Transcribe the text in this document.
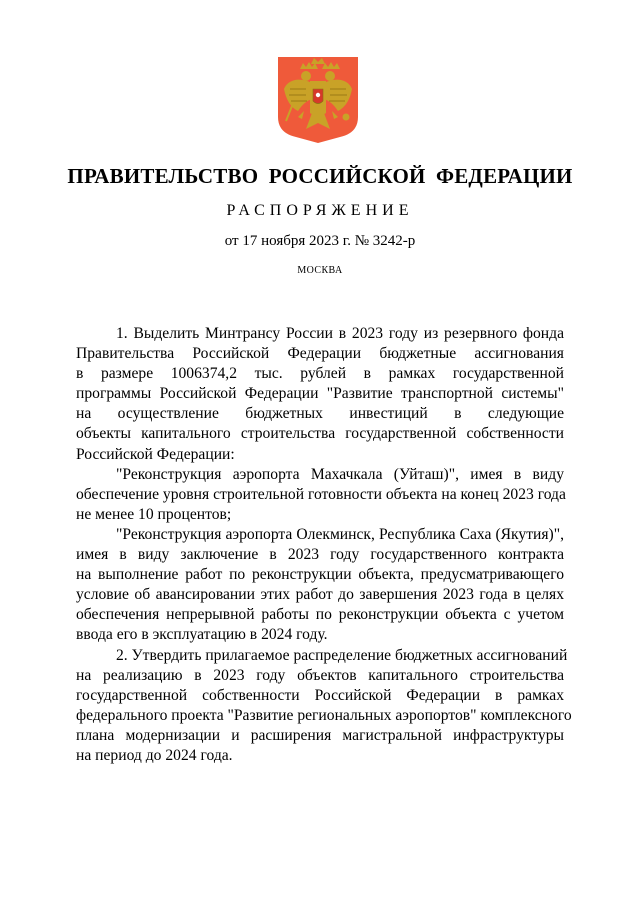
ПРАВИТЕЛЬСТВО РОССИЙСКОЙ ФЕДЕРАЦИИ
РАСПОРЯЖЕНИЕ
от 17 ноября 2023 г. № 3242-р
МОСКВА
1. Выделить Минтрансу России в 2023 году из резервного фонда
Правительства Российской Федерации бюджетные ассигнования
в размере 1006374,2 тыс. рублей в рамках государственной
программы Российской Федерации "Развитие транспортной системы"
на осуществление бюджетных инвестиций в следующие
объекты капитального строительства государственной собственности
Российской Федерации:
"Реконструкция аэропорта Махачкала (Уйташ)", имея в виду
обеспечение уровня строительной готовности объекта на конец 2023 года
не менее 10 процентов;
"Реконструкция аэропорта Олекминск, Республика Саха (Якутия)",
имея в виду заключение в 2023 году государственного контракта
на выполнение работ по реконструкции объекта, предусматривающего
условие об авансировании этих работ до завершения 2023 года в целях
обеспечения непрерывной работы по реконструкции объекта с учетом
ввода его в эксплуатацию в 2024 году.
2. Утвердить прилагаемое распределение бюджетных ассигнований
на реализацию в 2023 году объектов капитального строительства
государственной собственности Российской Федерации в рамках
федерального проекта "Развитие региональных аэропортов" комплексного
плана модернизации и расширения магистральной инфраструктуры
на период до 2024 года.
